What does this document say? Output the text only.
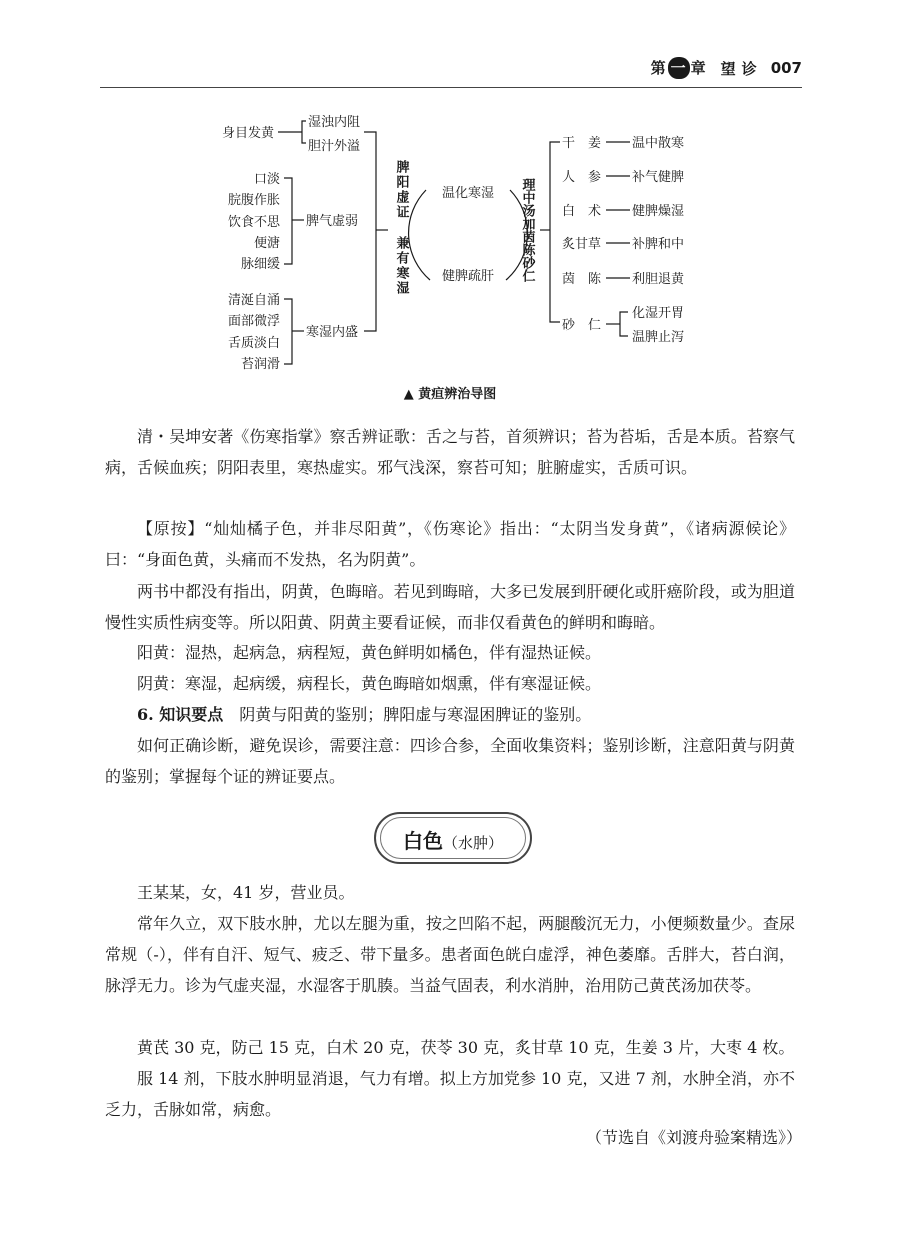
第 一 章 望诊 007
身目发黄
湿浊内阻
胆汁外溢
口淡
脘腹作胀
饮食不思
便溏
脉细缓
脾气虚弱
清涎自涌
面部微浮
舌质淡白
苔润滑
寒湿内盛
脾阳虚证
兼有寒湿
温化寒湿
健脾疏肝 理中汤加茵陈砂仁
干　姜 温中散寒
人　参 补气健脾
白　术 健脾燥湿
炙甘草 补脾和中
茵　陈 利胆退黄
砂　仁
化湿开胃
温脾止泻
▲ 黄疸辨治导图
清・吴坤安著《伤寒指掌》察舌辨证歌：舌之与苔，首须辨识；苔为苔垢，舌是本质。苔察气病，舌候血疾；阴阳表里，寒热虚实。邪气浅深，察苔可知；脏腑虚实，舌质可识。
【原按】“灿灿橘子色，并非尽阳黄”，《伤寒论》指出：“太阴当发身黄”，《诸病源候论》曰：“身面色黄，头痛而不发热，名为阴黄”。
两书中都没有指出，阴黄，色晦暗。若见到晦暗，大多已发展到肝硬化或肝癌阶段，或为胆道慢性实质性病变等。所以阳黄、阴黄主要看证候，而非仅看黄色的鲜明和晦暗。
阳黄：湿热，起病急，病程短，黄色鲜明如橘色，伴有湿热证候。
阴黄：寒湿，起病缓，病程长，黄色晦暗如烟熏，伴有寒湿证候。
6. 知识要点　 阴黄与阳黄的鉴别；脾阳虚与寒湿困脾证的鉴别。
如何正确诊断，避免误诊，需要注意：四诊合参，全面收集资料；鉴别诊断，注意阳黄与阴黄的鉴别；掌握每个证的辨证要点。
白色（水肿）
王某某，女，41 岁，营业员。
常年久立，双下肢水肿，尤以左腿为重，按之凹陷不起，两腿酸沉无力，小便频数量少。查尿常规（-），伴有自汗、短气、疲乏、带下量多。患者面色㿠白虚浮，神色萎靡。舌胖大，苔白润，脉浮无力。诊为气虚夹湿，水湿客于肌腠。当益气固表，利水消肿，治用防己黄芪汤加茯苓。
黄芪 30 克，防己 15 克，白术 20 克，茯苓 30 克，炙甘草 10 克，生姜 3 片，大枣 4 枚。
服 14 剂，下肢水肿明显消退，气力有增。拟上方加党参 10 克，又进 7 剂，水肿全消，亦不乏力，舌脉如常，病愈。
（节选自《刘渡舟验案精选》）
